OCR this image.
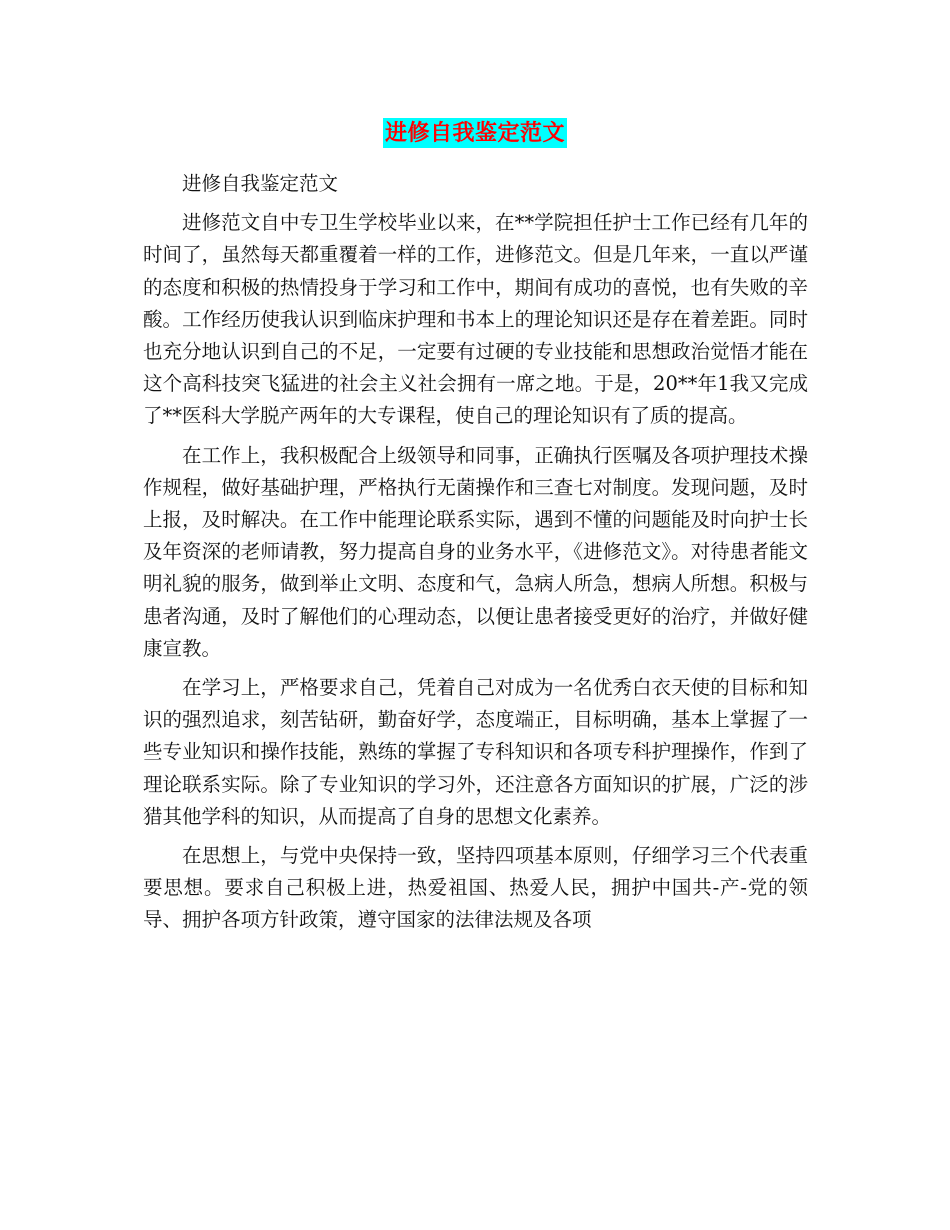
进修自我鉴定范文

进修自我鉴定范文

进修范文自中专卫生学校毕业以来，在**学院担任护士工作已经有几年的时间了，虽然每天都重覆着一样的工作，进修范文。但是几年来，一直以严谨的态度和积极的热情投身于学习和工作中，期间有成功的喜悦，也有失败的辛酸。工作经历使我认识到临床护理和书本上的理论知识还是存在着差距。同时也充分地认识到自己的不足，一定要有过硬的专业技能和思想政治觉悟才能在这个高科技突飞猛进的社会主义社会拥有一席之地。于是，20**年1我又完成了**医科大学脱产两年的大专课程，使自己的理论知识有了质的提高。

在工作上，我积极配合上级领导和同事，正确执行医嘱及各项护理技术操作规程，做好基础护理，严格执行无菌操作和三查七对制度。发现问题，及时上报，及时解决。在工作中能理论联系实际，遇到不懂的问题能及时向护士长及年资深的老师请教，努力提高自身的业务水平，《进修范文》。对待患者能文明礼貌的服务，做到举止文明、态度和气，急病人所急，想病人所想。积极与患者沟通，及时了解他们的心理动态，以便让患者接受更好的治疗，并做好健康宣教。

在学习上，严格要求自己，凭着自己对成为一名优秀白衣天使的目标和知识的强烈追求，刻苦钻研，勤奋好学，态度端正，目标明确，基本上掌握了一些专业知识和操作技能，熟练的掌握了专科知识和各项专科护理操作，作到了理论联系实际。除了专业知识的学习外，还注意各方面知识的扩展，广泛的涉猎其他学科的知识，从而提高了自身的思想文化素养。

在思想上，与党中央保持一致，坚持四项基本原则，仔细学习三个代表重要思想。要求自己积极上进，热爱祖国、热爱人民，拥护中国共-产-党的领导、拥护各项方针政策，遵守国家的法律法规及各项
